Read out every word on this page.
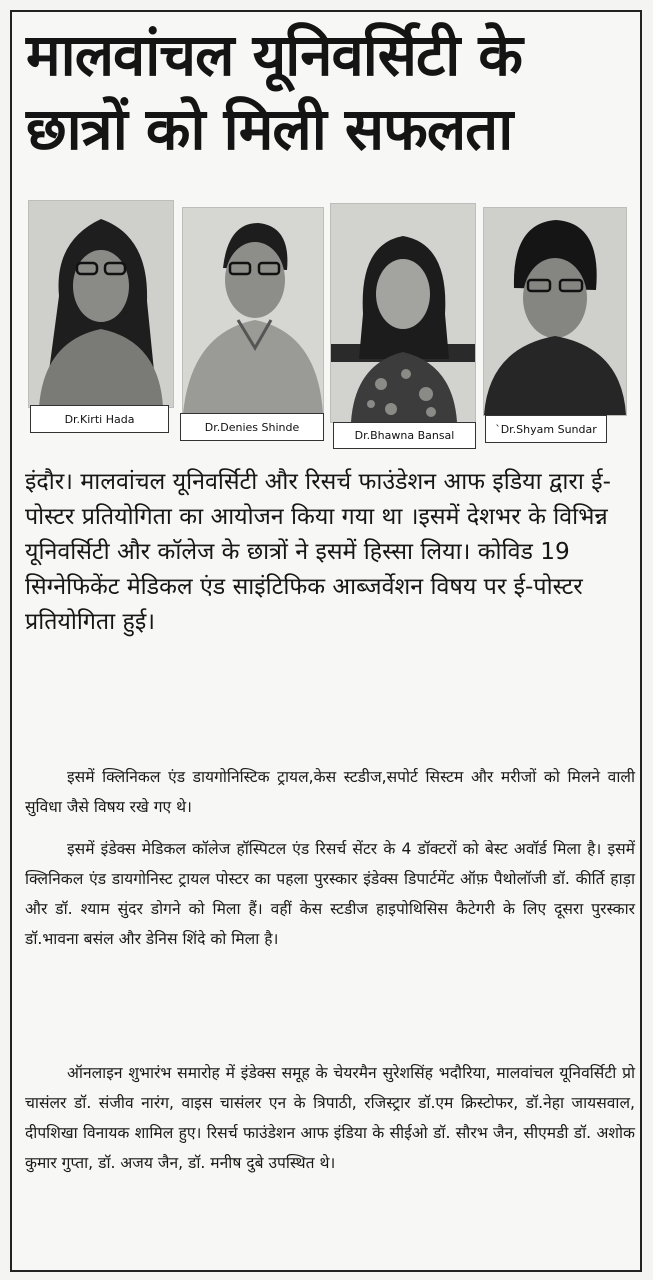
मालवांचल यूनिवर्सिटी के
छात्रों को मिली सफलता
Dr.Kirti Hada
Dr.Denies Shinde
Dr.Bhawna Bansal	`Dr.Shyam Sundar

इंदौर। मालवांचल यूनिवर्सिटी और रिसर्च फाउंडेशन आफ इडिया द्वारा ई-पोस्टर प्रतियोगिता का आयोजन किया गया था ।इसमें देशभर के विभिन्न यूनिवर्सिटी और कॉलेज के छात्रों ने इसमें हिस्सा लिया। कोविड 19 सिग्नेफिकेंट मेडिकल एंड साइंटिफिक आब्जर्वेशन विषय पर ई-पोस्टर प्रतियोगिता हुई।

इसमें क्लिनिकल एंड डायगोनिस्टिक ट्रायल,केस स्टडीज,सपोर्ट सिस्टम और मरीजों को मिलने वाली सुविधा जैसे विषय रखे गए थे।

इसमें इंडेक्स मेडिकल कॉलेज हॉस्पिटल एंड रिसर्च सेंटर के 4 डॉक्टरों को बेस्ट अवॉर्ड मिला है। इसमें क्लिनिकल एंड डायगोनिस्ट ट्रायल पोस्टर का पहला पुरस्कार इंडेक्स डिपार्टमेंट ऑफ़ पैथोलॉजी डॉ. कीर्ति हाड़ा और डॉ. श्याम सुंदर डोगने को मिला हैं। वहीं केस स्टडीज हाइपोथिसिस कैटेगरी के लिए दूसरा पुरस्कार डॉ.भावना बसंल और डेनिस शिंदे को मिला है।

ऑनलाइन शुभारंभ समारोह में इंडेक्स समूह के चेयरमैन सुरेशसिंह भदौरिया, मालवांचल यूनिवर्सिटी प्रो चासंलर डॉ. संजीव नारंग, वाइस चासंलर एन के त्रिपाठी, रजिस्ट्रार डॉ.एम क्रिस्टोफर, डॉ.नेहा जायसवाल, दीपशिखा विनायक शामिल हुए। रिसर्च फाउंडेशन आफ इंडिया के सीईओ डॉ. सौरभ जैन, सीएमडी डॉ. अशोक कुमार गुप्ता, डॉ. अजय जैन, डॉ. मनीष दुबे उपस्थित थे।
